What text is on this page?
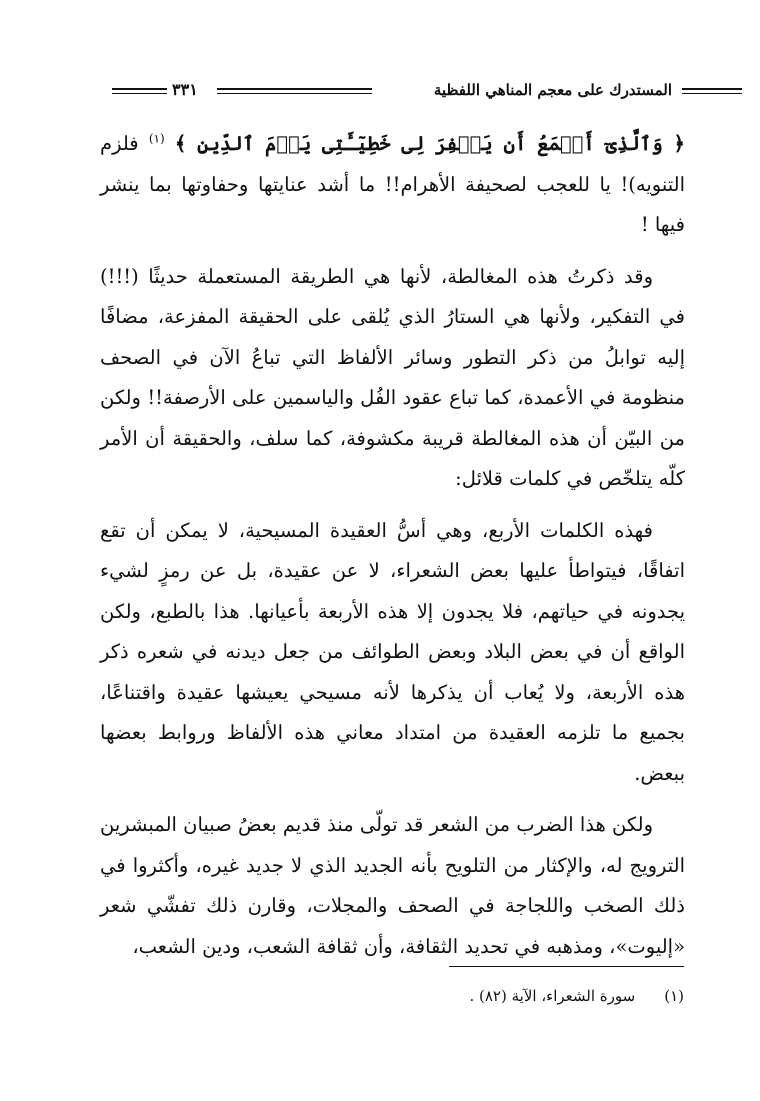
المستدرك على معجم المناهي اللفظية
٣٣١

﴿ وَٱلَّذِىٓ أَطۡمَعُ أَن يَغۡفِرَ لِى خَطِيٓـَٔتِى يَوۡمَ ٱلدِّينِ ﴾ $^{(١)}$ فلزم التنويه)! يا للعجب لصحيفة الأهرام!! ما أشد عنايتها وحفاوتها بما ينشر فيها !

وقد ذكرتُ هذه المغالطة، لأنها هي الطريقة المستعملة حديثًا (!!!) في التفكير، ولأنها هي الستارُ الذي يُلقى على الحقيقة المفزعة، مضافًا إليه توابلُ من ذكر التطور وسائر الألفاظ التي تباعُ الآن في الصحف منظومة في الأعمدة، كما تباع عقود الفُل والياسمين على الأرصفة!! ولكن من البيّن أن هذه المغالطة قريبة مكشوفة، كما سلف، والحقيقة أن الأمر كلّه يتلخّص في كلمات قلائل:

فهذه الكلمات الأربع، وهي أسُّ العقيدة المسيحية، لا يمكن أن تقع اتفاقًا، فيتواطأ عليها بعض الشعراء، لا عن عقيدة، بل عن رمزٍ لشيء يجدونه في حياتهم، فلا يجدون إلا هذه الأربعة بأعيانها. هذا بالطبع، ولكن الواقع أن في بعض البلاد وبعض الطوائف من جعل ديدنه في شعره ذكر هذه الأربعة، ولا يُعاب أن يذكرها لأنه مسيحي يعيشها عقيدة واقتناعًا، بجميع ما تلزمه العقيدة من امتداد معاني هذه الألفاظ وروابط بعضها ببعض.

ولكن هذا الضرب من الشعر قد تولّى منذ قديم بعضُ صبيان المبشرين الترويج له، والإكثار من التلويح بأنه الجديد الذي لا جديد غيره، وأكثروا في ذلك الصخب واللجاجة في الصحف والمجلات، وقارن ذلك تفشّي شعر «إليوت»، ومذهبه في تحديد الثقافة، وأن ثقافة الشعب، ودين الشعب،

(١) سورة الشعراء، الآية (٨٢) .
